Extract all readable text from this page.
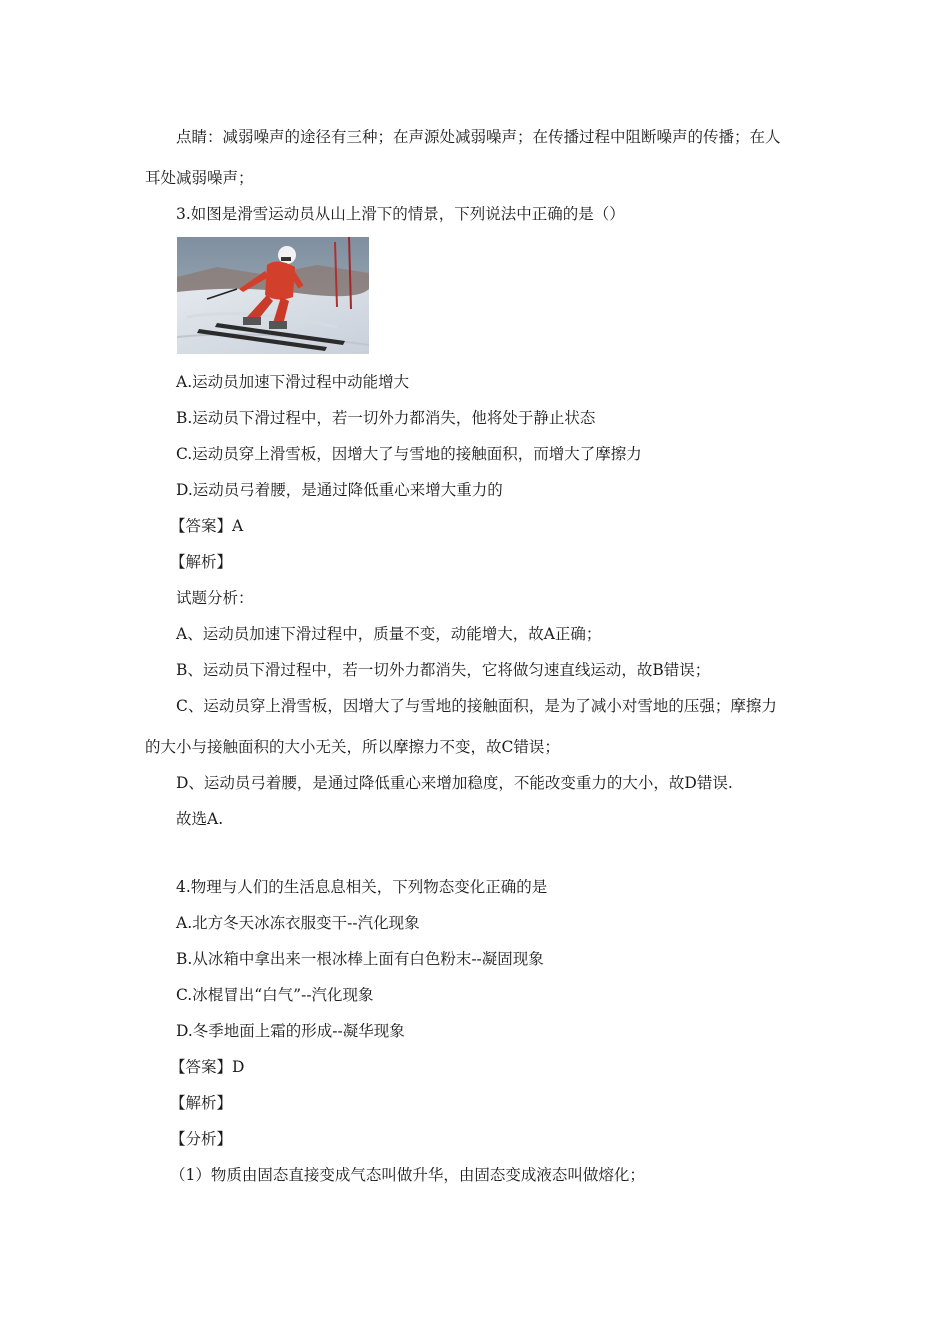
点睛：减弱噪声的途径有三种；在声源处减弱噪声；在传播过程中阻断噪声的传播；在人
耳处减弱噪声；
3.如图是滑雪运动员从山上滑下的情景，下列说法中正确的是（）
A.运动员加速下滑过程中动能增大
B.运动员下滑过程中，若一切外力都消失，他将处于静止状态
C.运动员穿上滑雪板，因增大了与雪地的接触面积，而增大了摩擦力
D.运动员弓着腰，是通过降低重心来增大重力的
【答案】A
【解析】
试题分析：
A、运动员加速下滑过程中，质量不变，动能增大，故A正确；
B、运动员下滑过程中，若一切外力都消失，它将做匀速直线运动，故B错误；
C、运动员穿上滑雪板，因增大了与雪地的接触面积，是为了减小对雪地的压强；摩擦力
的大小与接触面积的大小无关，所以摩擦力不变，故C错误；
D、运动员弓着腰，是通过降低重心来增加稳度，不能改变重力的大小，故D错误.
故选A.
4.物理与人们的生活息息相关，下列物态变化正确的是
A.北方冬天冰冻衣服变干--汽化现象
B.从冰箱中拿出来一根冰棒上面有白色粉末--凝固现象
C.冰棍冒出“白气”--汽化现象
D.冬季地面上霜的形成--凝华现象
【答案】D
【解析】
【分析】
（1）物质由固态直接变成气态叫做升华，由固态变成液态叫做熔化；
